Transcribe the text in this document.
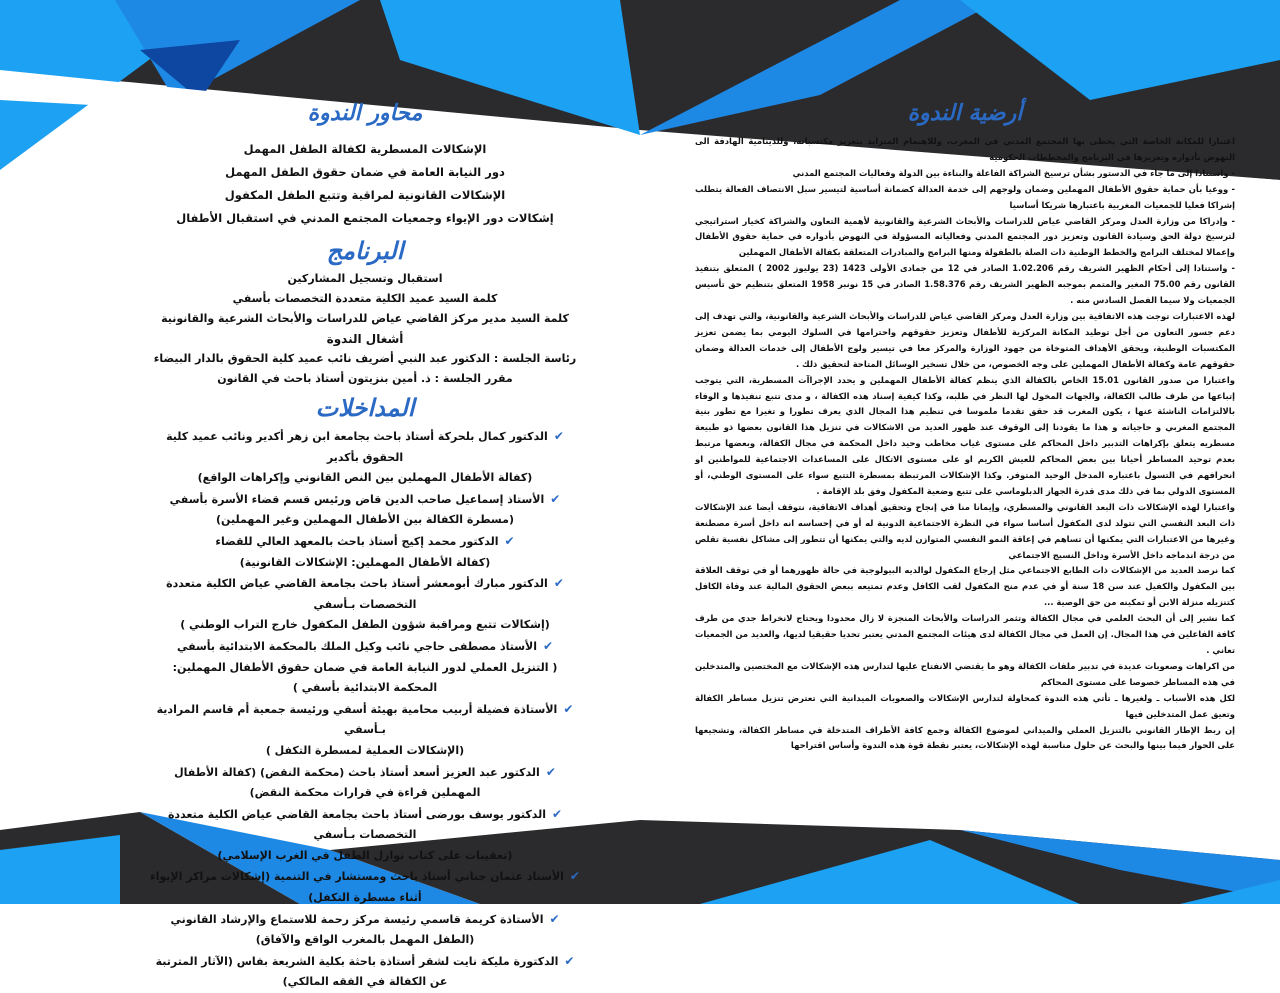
محاور الندوة
الإشكالات المسطرية لكفالة الطفل المهمل
دور النيابة العامة في ضمان حقوق الطفل المهمل
الإشكالات القانونية لمراقبة وتتبع الطفل المكفول
إشكالات دور الإيواء وجمعيات المجتمع المدني في استقبال الأطفال
البرنامج
استقبال وتسجيل المشاركين
كلمة السيد عميد الكلية متعددة التخصصات بأسفي
كلمة السيد مدير مركز القاضي عياض للدراسات والأبحاث الشرعية والقانونية
أشغال الندوة
رئاسة الجلسة : الدكتور عبد النبي أضريف نائب عميد كلية الحقوق بالدار البيضاء
مقرر الجلسة : ذ. أمين بنزيتون أستاذ باحث في القانون
المداخلات
✔الدكتور كمال بلحركة أستاذ باحث بجامعة ابن زهر أكدير ونائب عميد كلية الحقوق بأكدير
(كفالة الأطفال المهملين بين النص القانوني وإكراهات الواقع)
✔الأستاذ إسماعيل صاحب الدين قاض ورئيس قسم قضاء الأسرة بأسفي
(مسطرة الكفالة بين الأطفال المهملين وغير المهملين)
✔الدكتور محمد إكيج أستاذ باحث بالمعهد العالي للقضاء
(كفالة الأطفال المهملين: الإشكالات القانونية)
✔الدكتور مبارك أبومعشر أستاذ باحث بجامعة القاضي عياض الكلية متعددة التخصصات بـأسفي
(إشكالات تتبع ومراقبة شؤون الطفل المكفول خارج التراب الوطني )
✔الأستاذ مصطفى حاجي نائب وكيل الملك بالمحكمة الابتدائية بأسفي
( التنزيل العملي لدور النيابة العامة في ضمان حقوق الأطفال المهملين: المحكمة الابتدائية بأسفي )
✔الأستاذة فضيلة أربيب محامية بهيئة أسفي ورئيسة جمعية أم قاسم المرادية بـأسفي
(الإشكالات العملية لمسطرة التكفل )
✔الدكتور عبد العزيز أسعد أستاذ باحث (محكمة النقض) (كفالة الأطفال المهملين قراءة في قرارات محكمة النقض)
✔الدكتور يوسف بورضى أستاذ باحث بجامعة القاضي عياض الكلية متعددة التخصصات بـأسفي
(تعقيبات على كتاب نوازل الطفل في الغرب الإسلامي)
✔الأستاذ عثمان جناتي أستاذ باحث ومستشار في التنمية (إشكالات مراكز الإيواء أثناء مسطرة التكفل)
✔الأستاذة كريمة قاسمي رئيسة مركز رحمة للاستماع والإرشاد القانوني (الطفل المهمل بالمغرب الواقع والآفاق)
✔الدكتورة مليكة نايت لشقر أستاذة باحثة بكلية الشريعة بفاس (الآثار المترتبة عن الكفالة في الفقه المالكي)
أرضية الندوة
اعتبارا للمكانة الخاصة التي يحظى بها المجتمع المدني في المغرب، وللاهتمام المتزايد بتعزيز مكتسباته، وللدينامية الهادفة الى النهوض بأدواره وتعزيزها في البرنامج والمخططات الحكومية
- واستنادا إلى ما جاء في الدستور بشأن ترسيخ الشراكة الفاعلة والبناءة بين الدولة وفعاليات المجتمع المدني
- ووعيا بأن حماية حقوق الأطفال المهملين وضمان ولوجهم إلى خدمة العدالة كضمانة أساسية لتيسير سبل الانتصاف الفعالة يتطلب إشراكا فعليا للجمعيات المغربية باعتبارها شريكا أساسيا
- وإدراكا من وزارة العدل ومركز القاضي عياض للدراسات والأبحاث الشرعية والقانونية لأهمية التعاون والشراكة كخيار استراتيجي لترسيخ دولة الحق وسيادة القانون وتعزيز دور المجتمع المدني وفعالياته المسؤولة في النهوض بأدواره في حماية حقوق الأطفال وإعمالا لمختلف البرامج والخطط الوطنية ذات الصلة بالطفولة ومنها البرامج والمبادرات المتعلقة بكفالة الأطفال المهملين
- واستنادا إلى أحكام الظهير الشريف رقم 1.02.206 الصادر في 12 من جمادى الأولى 1423 (23 يوليوز 2002 ) المتعلق بتنفيذ القانون رقم 75.00 المغير والمتمم بموجبه الظهير الشريف رقم 1.58.376 الصادر في 15 نونبر 1958 المتعلق بتنظيم حق تأسيس الجمعيات ولا سيما الفصل السادس منه .
لهذه الاعتبارات توجت هذه الاتفاقية بين وزارة العدل ومركز القاضي عياض للدراسات والأبحاث الشرعية والقانونية، والتي تهدف إلى دعم جسور التعاون من أجل توطيد المكانة المركزية للأطفال وتعزيز حقوقهم واحترامها في السلوك اليومي بما يضمن تعزيز المكتسبات الوطنية، ويحقق الأهداف المتوخاة من جهود الوزارة والمركز معا في تيسير ولوج الأطفال إلى خدمات العدالة وضمان حقوقهم عامة وكفالة الأطفال المهملين على وجه الخصوص، من خلال تسخير الوسائل المتاحة لتحقيق ذلك .
واعتبارا من صدور القانون 15.01 الخاص بالكفالة الذي ينظم كفالة الأطفال المهملين و يحدد الإجراآت المسطرية، التي يتوجب إتباعها من طرف طالب الكفالة، والجهات المخول لها النظر في طلبه، وكذا كيفية إسناد هذه الكفالة ، و مدى تتبع تنفيذها و الوفاء بالالتزامات الناشئة عنها ، يكون المغرب قد حقق تقدما ملموسا في تنظيم هذا المجال الذي يعرف تطورا و تغيرا مع تطور بنية المجتمع المغربي و حاجياته و هذا ما يقودنا إلى الوقوف عند ظهور العديد من الاشكالات في تنزيل هذا القانون بعضها ذو طبيعة مسطريه يتعلق بإكراهات التدبير داخل المحاكم على مستوى غياب مخاطب وحيد داخل المحكمة في مجال الكفالة، وبعضها مرتبط بعدم توحيد المساطر أحيانا بين بعض المحاكم للعيش الكريم او على مستوى الاتكال على المساعدات الاجتماعية للمواطنين او انحرافهم في التسول باعتباره المدخل الوحيد المتوفر. وكذا الإشكالات المرتبطة بمسطرة التتبع سواء على المستوى الوطني، أو المستوى الدولي بما في ذلك مدى قدرة الجهاز الدبلوماسي على تتبع وضعية المكفول وفق بلد الإقامة .
واعتبارا لهذه الإشكالات ذات البعد القانوني والمسطري، وإيمانا منا في إنجاح وتحقيق أهداف الاتفاقية، نتوقف أيضا عند الإشكالات ذات البعد النفسي التي تتولد لدى المكفول أساسا سواء في النظرة الاجتماعية الدونية له أو في إحساسه انه داخل أسرة مصطنعة وغيرها من الاعتبارات التي يمكنها أن تساهم في إعاقة النمو النفسي المتوازن لديه والتي يمكنها أن تتطور إلى مشاكل نفسية تقلص من درجة اندماجه داخل الأسرة وداخل النسيج الاجتماعي
كما نرصد العديد من الإشكالات ذات الطابع الاجتماعي مثل إرجاع المكفول لوالديه البيولوجية في حالة ظهورهما أو في توقف العلاقة بين المكفول والكفيل عند سن 18 سنة أو في عدم منح المكفول لقب الكافل وعدم تمتيعه ببعض الحقوق المالية عند وفاة الكافل كتنزيله منزلة الابن أو تمكينه من حق الوصية ...
كما نشير إلى أن البحث العلمي في مجال الكفالة وتثمر الدراسات والأبحاث المنجزة لا زال محدودا ويحتاج لانخراط جدي من طرف كافة الفاعلين في هذا المجال. إن العمل في مجال الكفالة لدى هيئات المجتمع المدني يعتبر تحديا حقيقيا لديها، والعديد من الجمعيات تعاني .
من اكراهات وصعوبات عديدة في تدبير ملفات الكفالة وهو ما يقتضي الانفتاح عليها لتدارس هذه الإشكالات مع المختصين والمتدخلين في هذه المساطر خصوصا على مستوى المحاكم
لكل هذه الأسباب ـ ولغيرها ـ تأتي هذه الندوة كمحاولة لتدارس الإشكالات والصعوبات الميدانية التي تعترض تنزيل مساطر الكفالة وتعيق عمل المتدخلين فيها
إن ربط الإطار القانوني بالتنزيل العملي والميداني لموضوع الكفالة وجمع كافة الأطراف المتدخلة في مساطر الكفالة، وتشجيعها على الحوار فيما بينها والبحث عن حلول مناسبة لهذه الإشكالات، يعتبر نقطة قوة هذه الندوة وأساس اقتراحها
